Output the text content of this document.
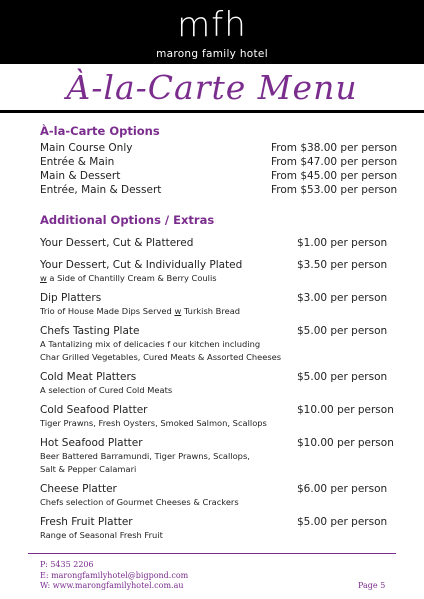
mfh
marong family hotel
À-la-Carte Menu
À-la-Carte Options
Main Course Only	From $38.00 per person
Entrée & Main	From $47.00 per person
Main & Dessert	From $45.00 per person
Entrée, Main & Dessert	From $53.00 per person
Additional Options / Extras
Your Dessert, Cut & Plattered	$1.00 per person
Your Dessert, Cut & Individually Plated	$3.50 per person
w a Side of Chantilly Cream & Berry Coulis
Dip Platters	$3.00 per person
Trio of House Made Dips Served w Turkish Bread
Chefs Tasting Plate	$5.00 per person
A Tantalizing mix of delicacies f our kitchen including
Char Grilled Vegetables, Cured Meats & Assorted Cheeses
Cold Meat Platters	$5.00 per person
A selection of Cured Cold Meats
Cold Seafood Platter	$10.00 per person
Tiger Prawns, Fresh Oysters, Smoked Salmon, Scallops
Hot Seafood Platter	$10.00 per person
Beer Battered Barramundi, Tiger Prawns, Scallops,
Salt & Pepper Calamari
Cheese Platter	$6.00 per person
Chefs selection of Gourmet Cheeses & Crackers
Fresh Fruit Platter	$5.00 per person
Range of Seasonal Fresh Fruit
P: 5435 2206
E: marongfamilyhotel@bigpond.com
W: www.marongfamilyhotel.com.au	Page 5
